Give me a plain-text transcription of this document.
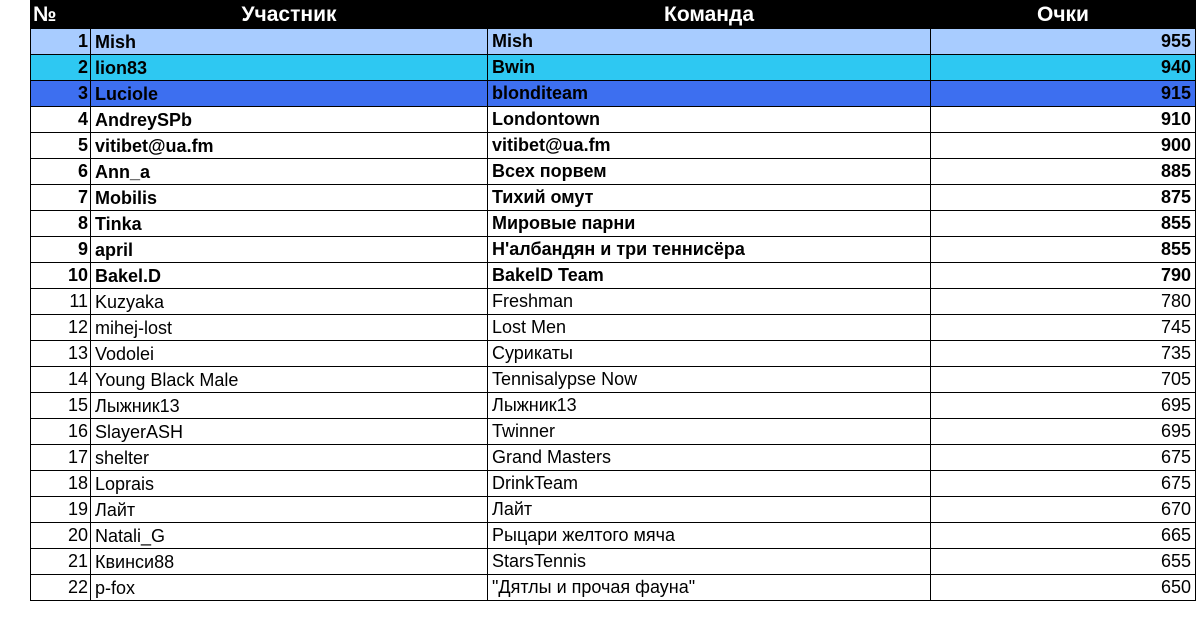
№	Участник	Команда	Очки
1	Mish	Mish	955
2	lion83	Bwin	940
3	Luciole	blonditeam	915
4	AndreySPb	Londontown	910
5	vitibet@ua.fm	vitibet@ua.fm	900
6	Ann_a	Всех порвем	885
7	Mobilis	Тихий омут	875
8	Tinka	Мировые парни	855
9	april	Н'албандян и три теннисёра	855
10	Bakel.D	BakelD Team	790
11	Kuzyaka	Freshman	780
12	mihej-lost	Lost Men	745
13	Vodolei	Сурикаты	735
14	Young Black Male	Tennisalypse Now	705
15	Лыжник13	Лыжник13	695
16	SlayerASH	Twinner	695
17	shelter	Grand Masters	675
18	Loprais	DrinkTeam	675
19	Лайт	Лайт	670
20	Natali_G	Рыцари желтого мяча	665
21	Квинси88	StarsTennis	655
22	p-fox	"Дятлы и прочая фауна"	650
